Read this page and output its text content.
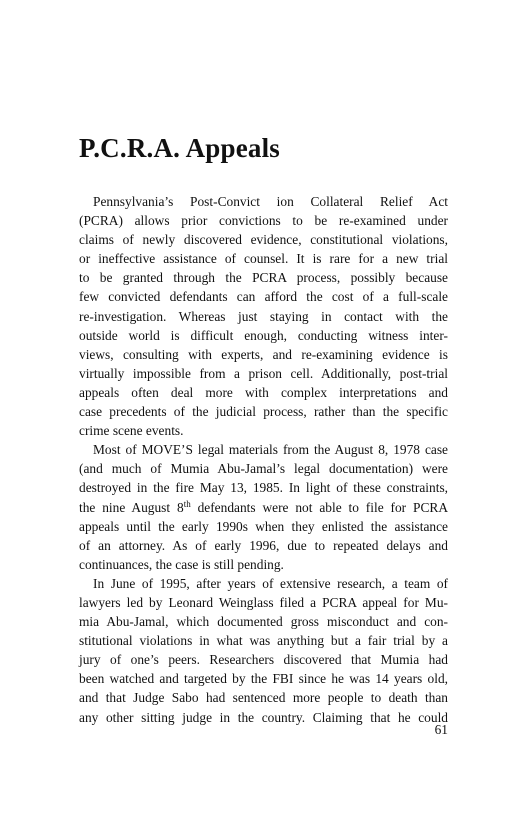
P.C.R.A. Appeals

Pennsylvania’s Post-Convict ion Collateral Relief Act
(PCRA) allows prior convictions to be re-examined under
claims of newly discovered evidence, constitutional violations,
or ineffective assistance of counsel. It is rare for a new trial
to be granted through the PCRA process, possibly because
few convicted defendants can afford the cost of a full-scale
re-investigation. Whereas just staying in contact with the
outside world is difficult enough, conducting witness inter-
views, consulting with experts, and re-examining evidence is
virtually impossible from a prison cell. Additionally, post-trial
appeals often deal more with complex interpretations and
case precedents of the judicial process, rather than the specific
crime scene events.

Most of MOVE’S legal materials from the August 8, 1978 case
(and much of Mumia Abu-Jamal’s legal documentation) were
destroyed in the fire May 13, 1985. In light of these constraints,
the nine August 8th defendants were not able to file for PCRA
appeals until the early 1990s when they enlisted the assistance
of an attorney. As of early 1996, due to repeated delays and
continuances, the case is still pending.

In June of 1995, after years of extensive research, a team of
lawyers led by Leonard Weinglass filed a PCRA appeal for Mu-
mia Abu-Jamal, which documented gross misconduct and con-
stitutional violations in what was anything but a fair trial by a
jury of one’s peers. Researchers discovered that Mumia had
been watched and targeted by the FBI since he was 14 years old,
and that Judge Sabo had sentenced more people to death than
any other sitting judge in the country. Claiming that he could

61
